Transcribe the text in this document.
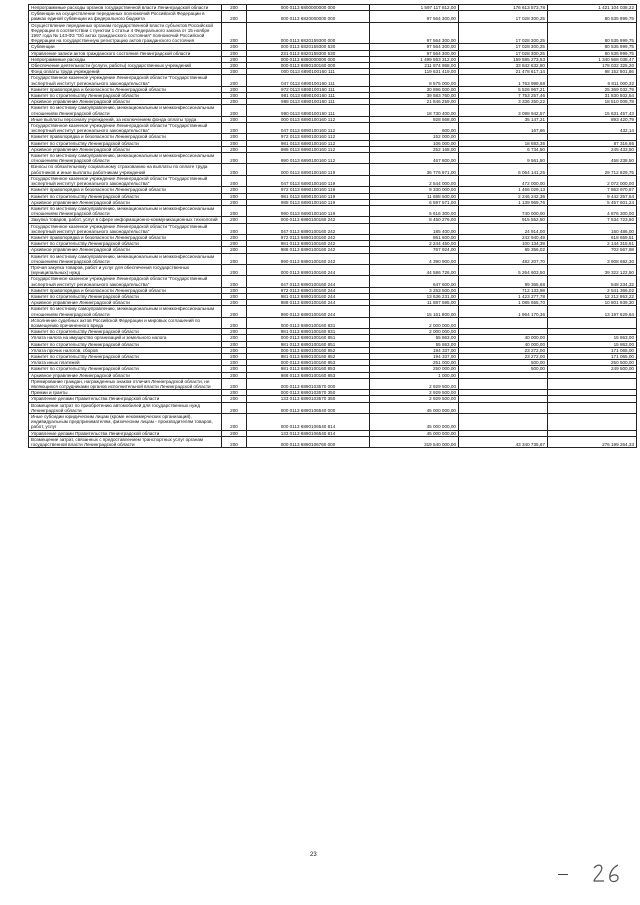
Непрограммные расходы органов государственной власти Ленинградской области	200	000 0113 6800000000 000	1 597 117 812,00	176 613 573,78	1 421 104 038,22
Субвенции на осуществление переданных полномочий Российской Федерации в рамках единой субвенции из федерального бюджета	200	000 0113 6820000000 000	97 564 300,00	17 028 300,25	80 535 999,75
Осуществление переданных органам государственной власти субъектов Российской Федерации в соответствии с пунктом 1 статьи 4 Федерального закона от 15 ноября 1997 года № 143-ФЗ "Об актах гражданского состояния" полномочий Российской Федерации на государственную регистрацию актов гражданского состояния	200	000 0113 6820159300 000	97 564 300,00	17 028 300,25	80 535 999,75
Субвенции	200	000 0113 6820159300 530	97 564 300,00	17 028 300,25	80 535 999,75
Управление записи актов гражданского состояния Ленинградской области	200	231 0113 6820159300 530	97 564 300,00	17 028 300,25	80 535 999,75
Непрограммные расходы	200	000 0113 6890000000 000	1 499 553 312,00	159 585 273,53	1 340 568 038,47
Обеспечение деятельности (услуги, работы) государственных учреждений	200	000 0113 6890100160 000	211 874 958,00	33 842 632,80	178 032 325,20
Фонд оплаты труда учреждений	200	000 0113 6890100160 111	119 631 419,00	21 478 617,14	98 152 801,86
Государственное казенное учреждение Ленинградской области "Государственный экспертный институт регионального законодательства"	200	047 0113 6890100160 111	8 575 000,00	1 763 999,68	6 811 000,32
Комитет правопорядка и безопасности Ленинградской области	200	972 0113 6890100160 111	30 896 000,00	5 526 967,21	25 369 032,79
Комитет по строительству Ленинградской области	200	981 0113 6890100160 111	39 583 760,00	7 753 257,46	31 830 502,54
Архивное управление Ленинградской области	200	988 0113 6890100160 111	21 846 259,00	3 336 250,22	18 510 008,78
Комитет по местному самоуправлению, межнациональным и межконфессиональным отношениям Ленинградской области	200	990 0113 6890100160 111	18 730 400,00	3 098 942,57	15 631 457,43
Иные выплаты персоналу учреждений, за исключением фонда оплаты труда	200	000 0113 6890100160 112	928 568,00	35 147,21	893 420,79
Государственное казенное учреждение Ленинградской области "Государственный экспертный институт регионального законодательства"	200	047 0113 6890100160 112	600,00	167,86	432,14
Комитет правопорядка и безопасности Ленинградской области	200	972 0113 6890100160 112	152 000,00		
Комитет по строительству Ленинградской области	200	981 0113 6890100160 112	106 000,00	18 683,35	87 316,65
Архивное управление Ленинградской области	200	988 0113 6890100160 112	252 168,00	6 734,50	245 433,50
Комитет по местному самоуправлению, межнациональным и межконфессиональным отношениям Ленинградской области	200	990 0113 6890100160 112	467 800,00	9 561,50	458 238,50
Взносы по обязательному социальному страхованию на выплаты по оплате труда работников и иные выплаты работникам учреждений	200	000 0113 6890100160 119	36 776 971,00	6 064 141,25	29 712 829,75
Государственное казенное учреждение Ленинградской области "Государственный экспертный институт регионального законодательства"	200	047 0113 6890100160 119	2 544 000,00	472 000,00	2 072 000,00
Комитет правопорядка и безопасности Ленинградской области	200	972 0113 6890100160 119	9 330 000,00	1 466 029,13	7 863 970,87
Комитет по строительству Ленинградской области	200	981 0113 6890100160 119	11 688 500,00	2 246 242,36	9 442 257,64
Архивное управление Ленинградской области	200	988 0113 6890100160 119	6 597 571,00	1 139 969,76	5 457 601,24
Комитет по местному самоуправлению, межнациональным и межконфессиональным отношениям Ленинградской области	200	990 0113 6890100160 119	5 616 300,00	740 000,00	4 876 300,00
Закупка товаров, работ, услуг в сфере информационно-коммуникационных технологий	200	000 0113 6890100160 242	8 450 276,00	915 552,50	7 534 723,50
Государственное казенное учреждение Ленинградской области "Государственный экспертный институт регионального законодательства"	200	047 0113 6890100160 242	185 400,00	24 914,00	160 486,00
Комитет правопорядка и безопасности Ленинградской области	200	972 0113 6890100160 242	861 600,00	242 940,49	618 659,51
Комитет по строительству Ленинградской области	200	981 0113 6890100160 242	2 244 450,00	100 134,39	2 144 315,61
Архивное управление Ленинградской области	200	988 0113 6890100160 242	767 924,00	65 356,02	702 567,98
Комитет по местному самоуправлению, межнациональным и межконфессиональным отношениям Ленинградской области	200	990 0113 6890100160 242	4 390 900,00	482 207,70	3 908 692,30
Прочая закупка товаров, работ и услуг для обеспечения государственных (муниципальных) нужд	200	000 0113 6890100160 244	44 586 726,00	5 264 603,50	39 322 122,50
Государственное казенное учреждение Ленинградской области "Государственный экспертный институт регионального законодательства"	200	047 0113 6890100160 244	647 600,00	99 365,68	548 234,32
Комитет правопорядка и безопасности Ленинградской области	200	972 0113 6890100160 244	3 253 500,00	712 133,98	2 541 366,02
Комитет по строительству Ленинградской области	200	981 0113 6890100160 244	13 636 231,00	1 423 277,78	12 212 953,22
Архивное управление Ленинградской области	200	988 0113 6890100160 244	11 887 595,00	1 085 655,70	10 801 939,30
Комитет по местному самоуправлению, межнациональным и межконфессиональным отношениям Ленинградской области	200	990 0113 6890100160 244	15 161 800,00	1 964 170,36	13 197 629,64
Исполнение судебных актов Российской Федерации и мировых соглашений по возмещению причиненного вреда	200	000 0113 6890100160 831	2 000 000,00		
Комитет по строительству Ленинградской области	200	981 0113 6890100160 831	2 000 000,00		
Уплата налога на имущество организаций и земельного налога	200	000 0113 6890100160 851	55 863,00	40 000,00	15 863,00
Комитет по строительству Ленинградской области	200	981 0113 6890100160 851	55 863,00	40 000,00	15 863,00
Уплата прочих налогов, сборов	200	000 0113 6890100160 852	194 337,00	23 272,00	171 065,00
Комитет по строительству Ленинградской области	200	981 0113 6890100160 852	194 337,00	23 272,00	171 065,00
Уплата иных платежей	200	000 0113 6890100160 853	251 000,00	500,00	250 500,00
Комитет по строительству Ленинградской области	200	981 0113 6890100160 853	250 000,00	500,00	249 500,00
Архивное управление Ленинградской области	200	988 0113 6890100160 853	1 000,00		
Премирование граждан, награжденных знаком отличия Ленинградской области, не являющихся сотрудниками органов исполнительной власти Ленинградской области	200	000 0113 6890103570 000	2 929 500,00		
Премии и гранты	200	000 0113 6890103570 350	2 929 500,00		
Управление делами Правительства Ленинградской области	200	133 0113 6890103570 350	2 929 500,00		
Возмещение затрат по приобретению автомобилей для государственных нужд Ленинградской области	200	000 0113 6890106540 000	45 000 000,00		
Иные субсидии юридическим лицам (кроме некоммерческих организаций), индивидуальным предпринимателям, физическим лицам - производителям товаров, работ, услуг	200	000 0113 6890106540 814	45 000 000,00		
Управление делами Правительства Ленинградской области	200	133 0113 6890106540 814	45 000 000,00		
Возмещение затрат, связанных с предоставлением транспортных услуг органам государственной власти Ленинградской области	200	000 0113 6890106760 000	319 540 000,00	43 340 735,67	276 199 264,33
23
